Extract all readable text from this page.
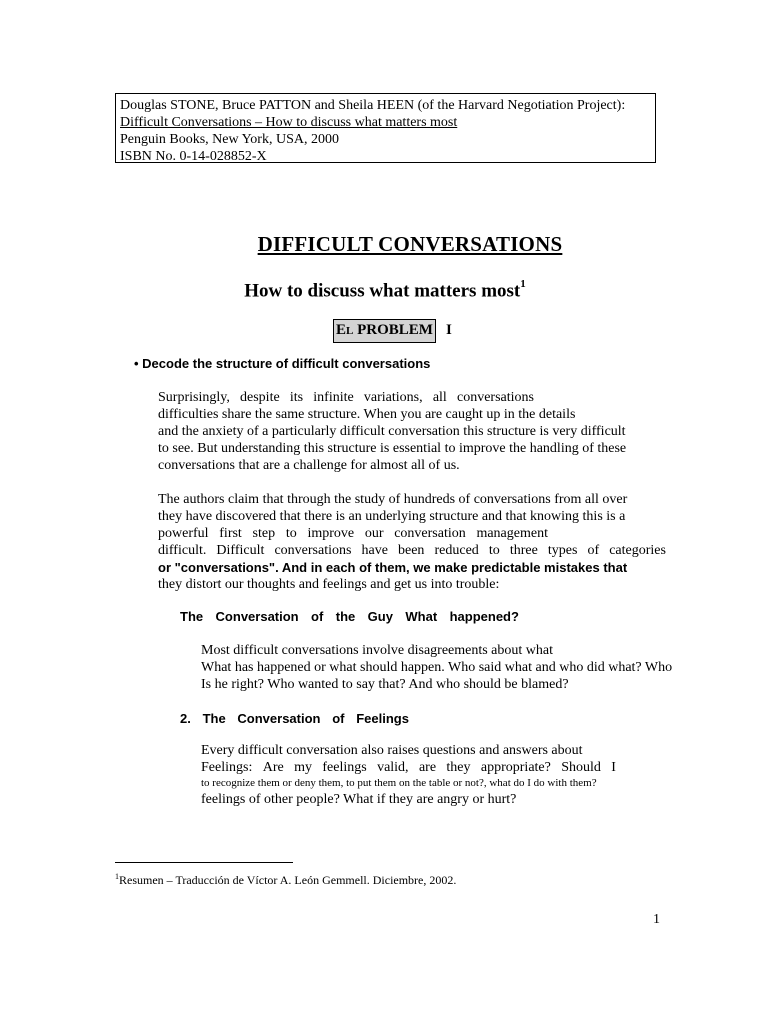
Douglas STONE, Bruce PATTON and Sheila HEEN (of the Harvard Negotiation Project):
Difficult Conversations – How to discuss what matters most
Penguin Books, New York, USA, 2000
ISBN No. 0-14-028852-X
DIFFICULT CONVERSATIONS
How to discuss what matters most$^1$
EL PROBLEM I
• Decode the structure of difficult conversations
Surprisingly, despite its infinite variations, all conversations
difficulties share the same structure. When you are caught up in the details
and the anxiety of a particularly difficult conversation this structure is very difficult
to see. But understanding this structure is essential to improve the handling of these
conversations that are a challenge for almost all of us.
The authors claim that through the study of hundreds of conversations from all over
they have discovered that there is an underlying structure and that knowing this is a
powerful first step to improve our conversation management
difficult. Difficult conversations have been reduced to three types of categories
or "conversations". And in each of them, we make predictable mistakes that
they distort our thoughts and feelings and get us into trouble:
The Conversation of the Guy What happened?
Most difficult conversations involve disagreements about what
What has happened or what should happen. Who said what and who did what? Who
Is he right? Who wanted to say that? And who should be blamed?
2. The Conversation of Feelings
Every difficult conversation also raises questions and answers about
Feelings: Are my feelings valid, are they appropriate? Should I
to recognize them or deny them, to put them on the table or not?, what do I do with them?
feelings of other people? What if they are angry or hurt?
$^1$Resumen – Traducción de Víctor A. León Gemmell. Diciembre, 2002.
1
